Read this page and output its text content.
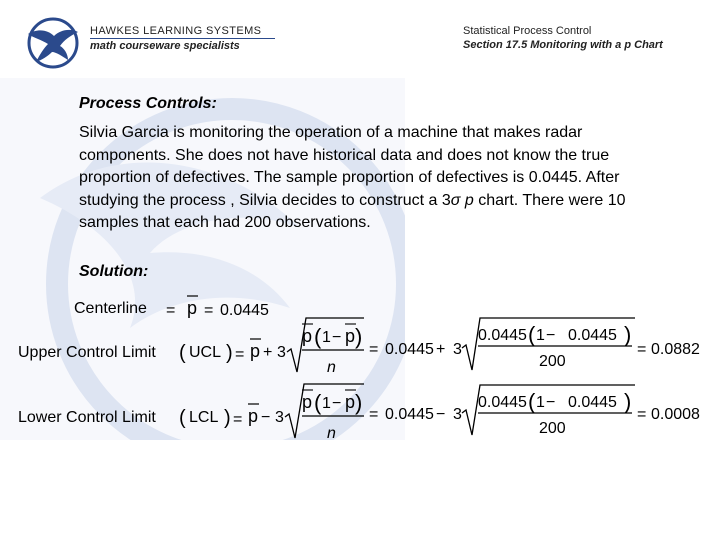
HAWKES LEARNING SYSTEMS
math courseware specialists
Statistical Process Control
Section 17.5 Monitoring with a p Chart
Process Controls:
Silvia Garcia is monitoring the operation of a machine that makes radar components. She does not have historical data and does not know the true proportion of defectives. The sample proportion of defectives is 0.0445. After studying the process , Silvia decides to construct a 3σ p chart. There were 10 samples that each had 200 observations.
Solution:
Centerline = p = 0.0445
Upper Control Limit ( UCL ) = p + 3
p ( 1 − p )
n
= 0.0445 + 3
0.0445 ( 1 − 0.0445 )
200
= 0.0882
Lower Control Limit ( LCL ) = p − 3
p ( 1 − p )
n
= 0.0445 − 3
0.0445 ( 1 − 0.0445 )
200
= 0.0008
